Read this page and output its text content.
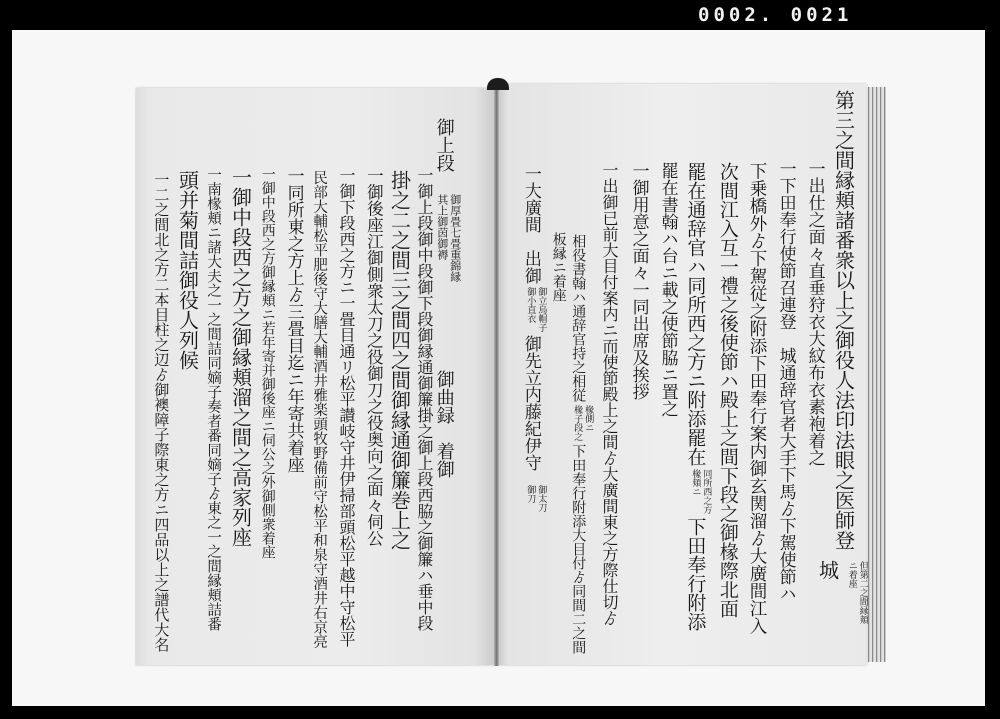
0002. 0021
第三之間縁頬諸番衆以上之御役人法印法眼之医師登
城 但第二之間縁頬
ニ着座
一出仕之面々直垂狩衣大紋布衣素袍着之
一下田奉行使節召連登　城通辞官者大手下馬ゟ下駕使節ハ
下乗橋外ゟ下駕従之附添下田奉行案内御玄関溜ゟ大廣間江入
次間江入互一禮之後使節ハ殿上之間下段之御椽際北面
罷在通辞官ハ同所西之方ニ附添罷在
同所西之方
椽頬ニ
下田奉行附添
罷在書翰ハ台ニ載之使節脇ニ置之
一御用意之面々一同出席及挨拶
一出御已前大目付案内ニ而使節殿上之間ゟ大廣間東之方際仕切ゟ
相役書翰ハ通辞官持之相従
椽側ニ
椽子段之
下田奉行附添大目付ゟ同間二之間
板縁ニ着座
一大廣間　出御
御立烏帽子
御小直衣
御先立内藤紀伊守
御太刀
御刀
御上段
御厚畳七畳重錦縁
其上御茵御褥
御曲録　着御
一御上段御中段御下段御縁通御簾掛之御上段西脇之御簾ハ垂中段
掛之二之間三之間四之間御縁通御簾巻上之
一御後座江御側衆太刀之役御刀之役奥向之面々伺公
一御下段西之方ニ一畳目通リ松平讃岐守井伊掃部頭松平越中守松平
民部大輔松平肥後守大膳大輔酒井雅楽頭牧野備前守松平和泉守酒井右京亮
一同所東之方上ゟ三畳目迄ニ年寄共着座
一御中段西之方御縁頬ニ若年寄并御後座ニ伺公之外御側衆着座
一御中段西之方之御縁頬溜之間之高家列座
一南椽頬ニ諸大夫之一之間詰同嫡子奏者番同嫡子ゟ東之一之間縁頬詰番
頭并菊間詰御役人列候
一二之間北之方二本目柱之辺ゟ御襖障子際東之方ニ四品以上之譜代大名
